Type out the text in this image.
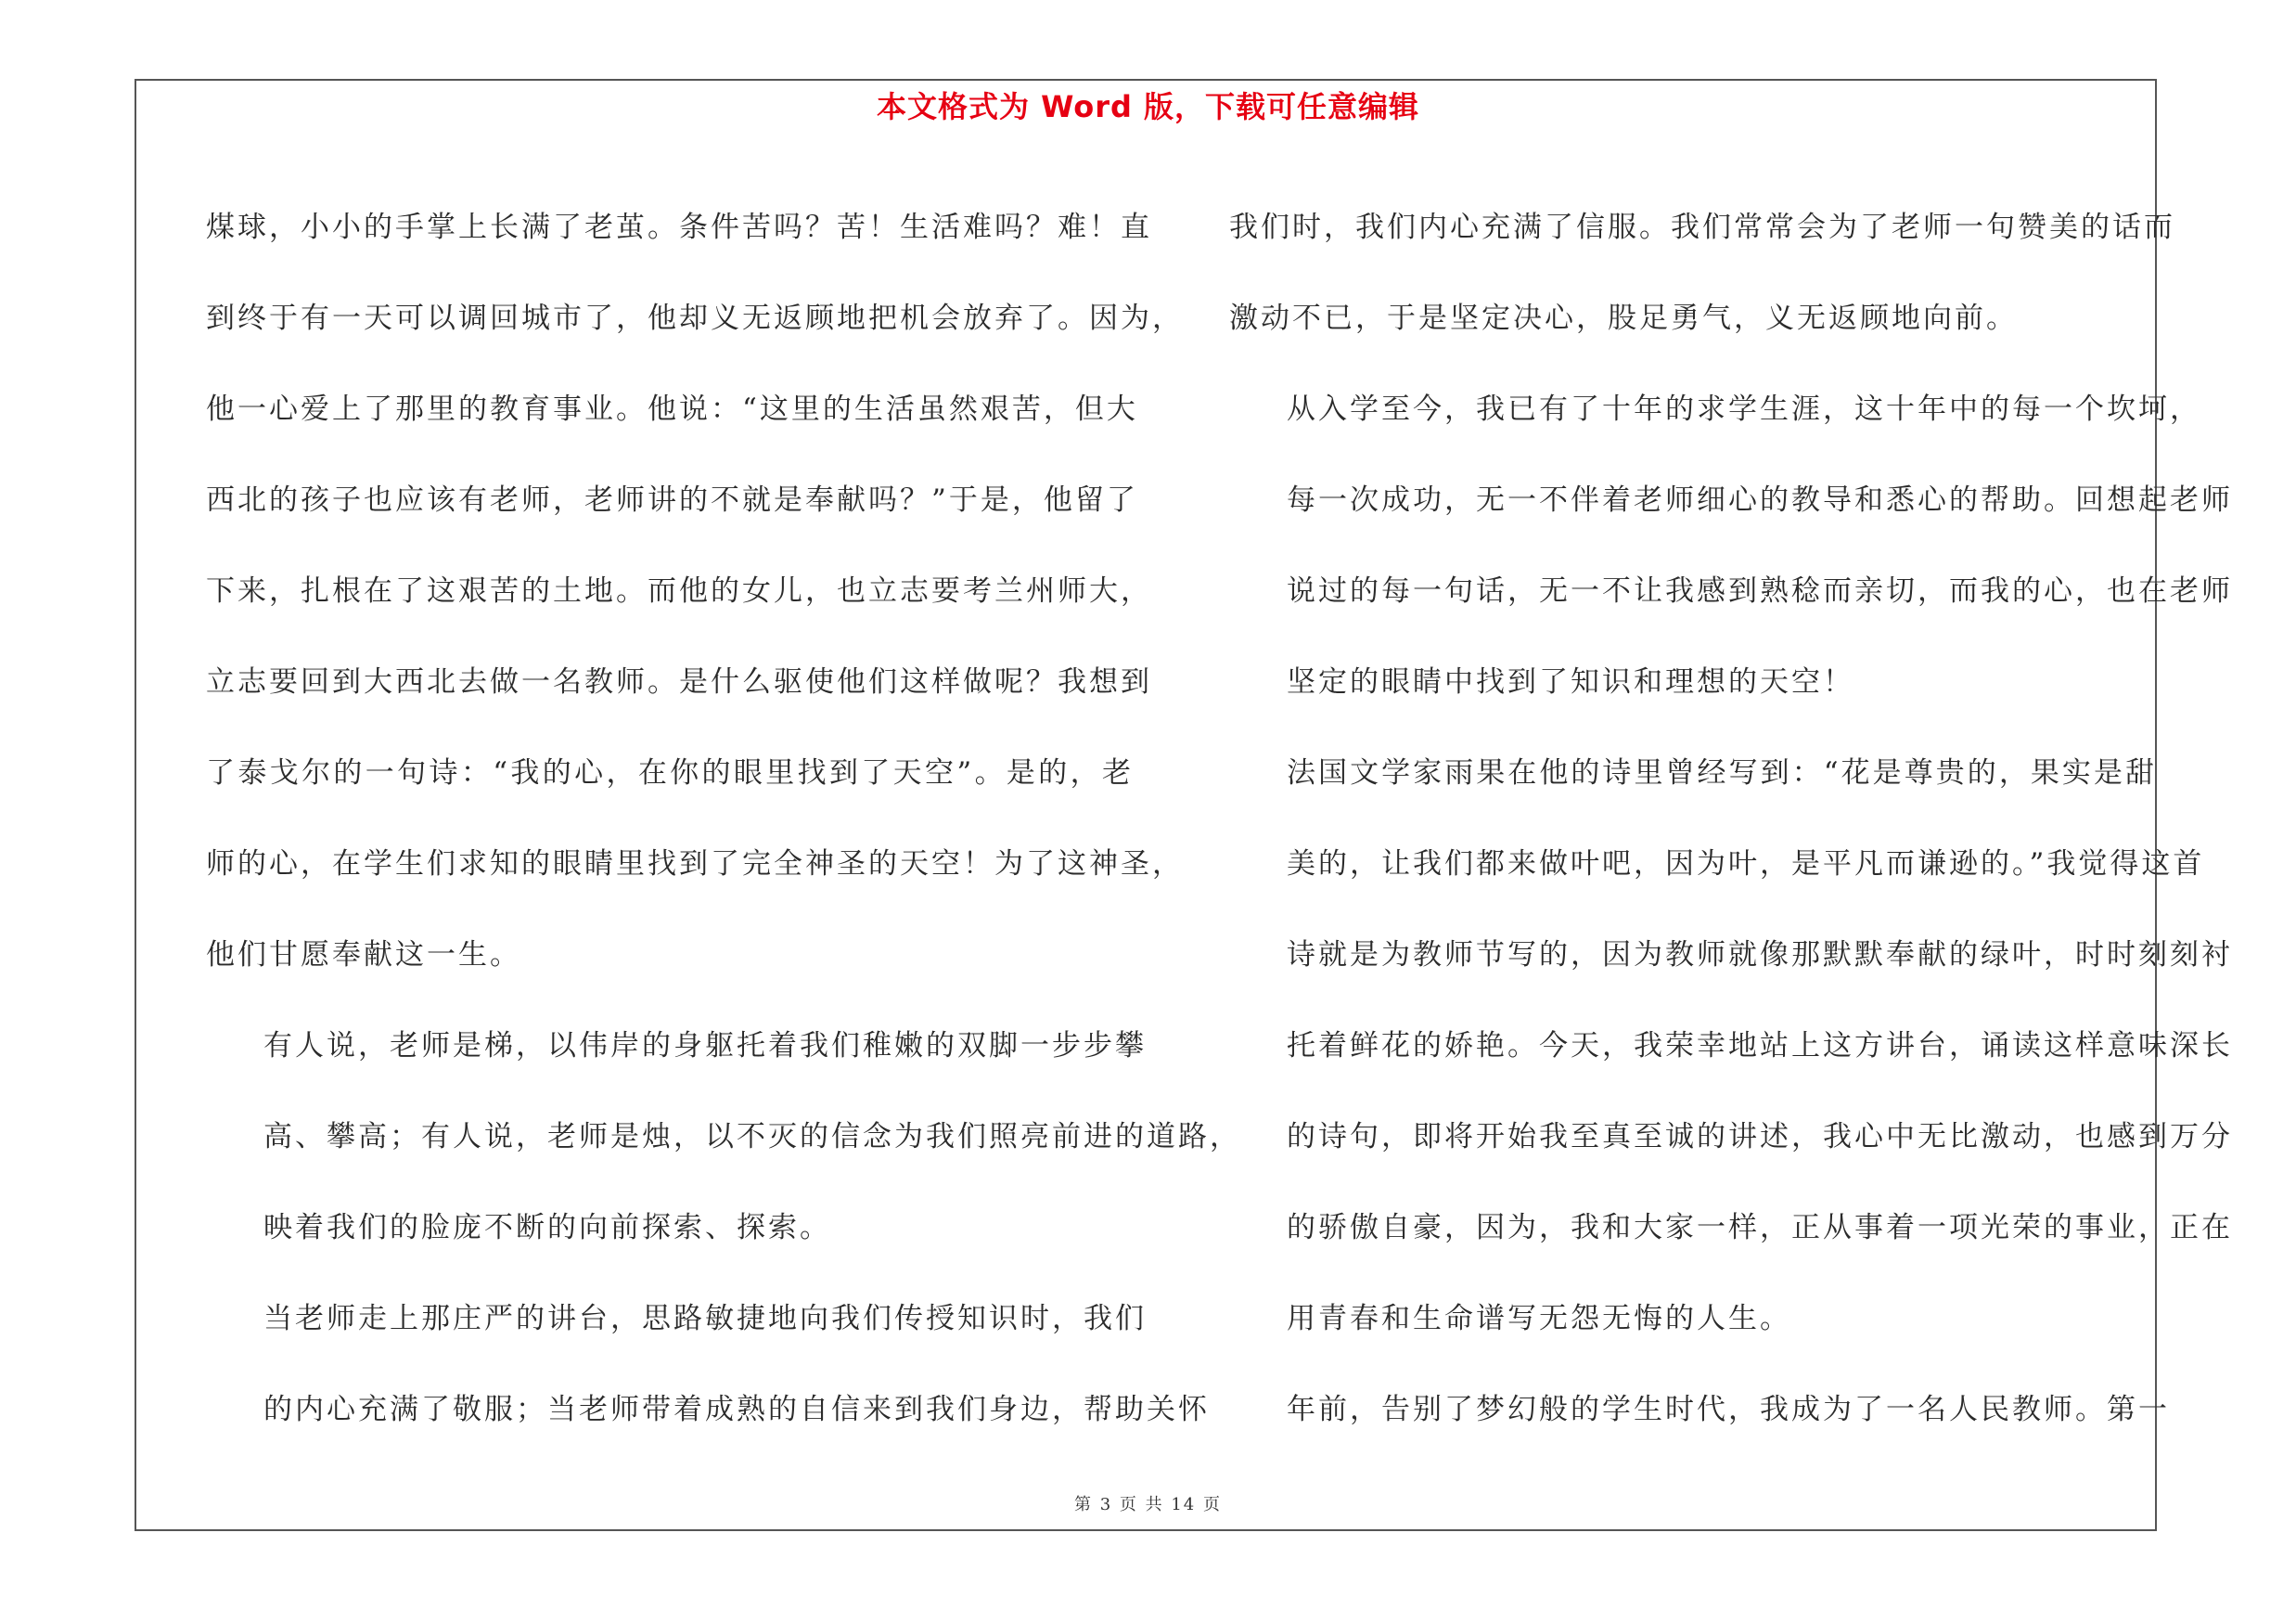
本文格式为 Word 版，下载可任意编辑

煤球，小小的手掌上长满了老茧。条件苦吗？苦！生活难吗？难！直
到终于有一天可以调回城市了，他却义无返顾地把机会放弃了。因为，
他一心爱上了那里的教育事业。他说：“这里的生活虽然艰苦，但大
西北的孩子也应该有老师，老师讲的不就是奉献吗？”于是，他留了
下来，扎根在了这艰苦的土地。而他的女儿，也立志要考兰州师大，
立志要回到大西北去做一名教师。是什么驱使他们这样做呢？我想到
了泰戈尔的一句诗：“我的心，在你的眼里找到了天空”。是的，老
师的心，在学生们求知的眼睛里找到了完全神圣的天空！为了这神圣，
他们甘愿奉献这一生。

有人说，老师是梯，以伟岸的身躯托着我们稚嫩的双脚一步步攀
高、攀高；有人说，老师是烛，以不灭的信念为我们照亮前进的道路，
映着我们的脸庞不断的向前探索、探索。

当老师走上那庄严的讲台，思路敏捷地向我们传授知识时，我们
的内心充满了敬服；当老师带着成熟的自信来到我们身边，帮助关怀

我们时，我们内心充满了信服。我们常常会为了老师一句赞美的话而
激动不已，于是坚定决心，股足勇气，义无返顾地向前。

从入学至今，我已有了十年的求学生涯，这十年中的每一个坎坷，
每一次成功，无一不伴着老师细心的教导和悉心的帮助。回想起老师
说过的每一句话，无一不让我感到熟稔而亲切，而我的心，也在老师
坚定的眼睛中找到了知识和理想的天空！

法国文学家雨果在他的诗里曾经写到：“花是尊贵的，果实是甜
美的，让我们都来做叶吧，因为叶，是平凡而谦逊的。”我觉得这首
诗就是为教师节写的，因为教师就像那默默奉献的绿叶，时时刻刻衬
托着鲜花的娇艳。今天，我荣幸地站上这方讲台，诵读这样意味深长
的诗句，即将开始我至真至诚的讲述，我心中无比激动，也感到万分
的骄傲自豪，因为，我和大家一样，正从事着一项光荣的事业，正在
用青春和生命谱写无怨无悔的人生。

年前，告别了梦幻般的学生时代，我成为了一名人民教师。第一

第 3 页 共 14 页
